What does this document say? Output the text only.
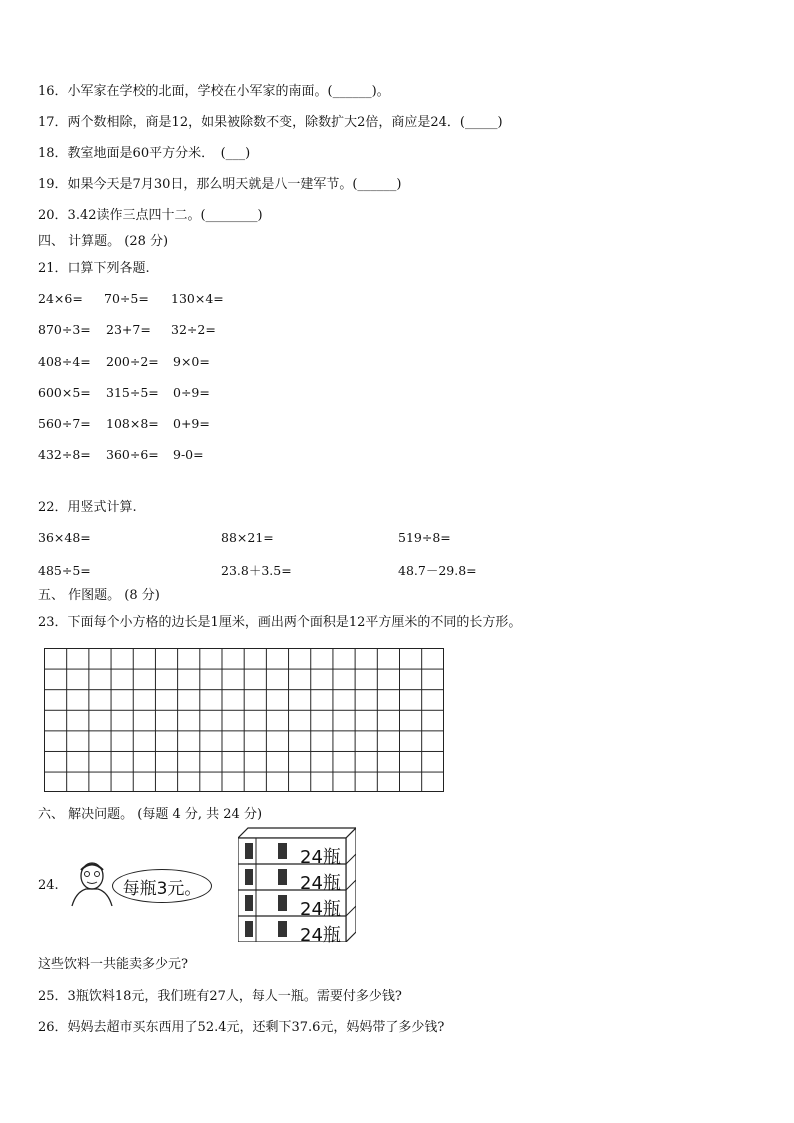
16．小军家在学校的北面，学校在小军家的南面。(______)。
17．两个数相除，商是12，如果被除数不变，除数扩大2倍，商应是24．(_____)
18．教室地面是60平方分米．　(___)
19．如果今天是7月30日，那么明天就是八一建军节。(______)
20．3.42读作三点四十二。(________)
四、 计算题。 (28 分)
21．口算下列各题.
24×6= 70÷5= 130×4=
870÷3= 23+7= 32÷2=
408÷4= 200÷2= 9×0=
600×5= 315÷5= 0÷9=
560÷7= 108×8= 0+9=
432÷8= 360÷6= 9-0=
22．用竖式计算.
36×48=	88×21=	519÷8=
485÷5=	23.8＋3.5=	48.7－29.8=
五、 作图题。 (8 分)
23．下面每个小方格的边长是1厘米，画出两个面积是12平方厘米的不同的长方形。
六、 解决问题。 (每题 4 分, 共 24 分)
24.	每瓶3元。
24瓶
24瓶
24瓶
24瓶
这些饮料一共能卖多少元?
25．3瓶饮料18元，我们班有27人，每人一瓶。需要付多少钱?
26．妈妈去超市买东西用了52.4元，还剩下37.6元，妈妈带了多少钱?
